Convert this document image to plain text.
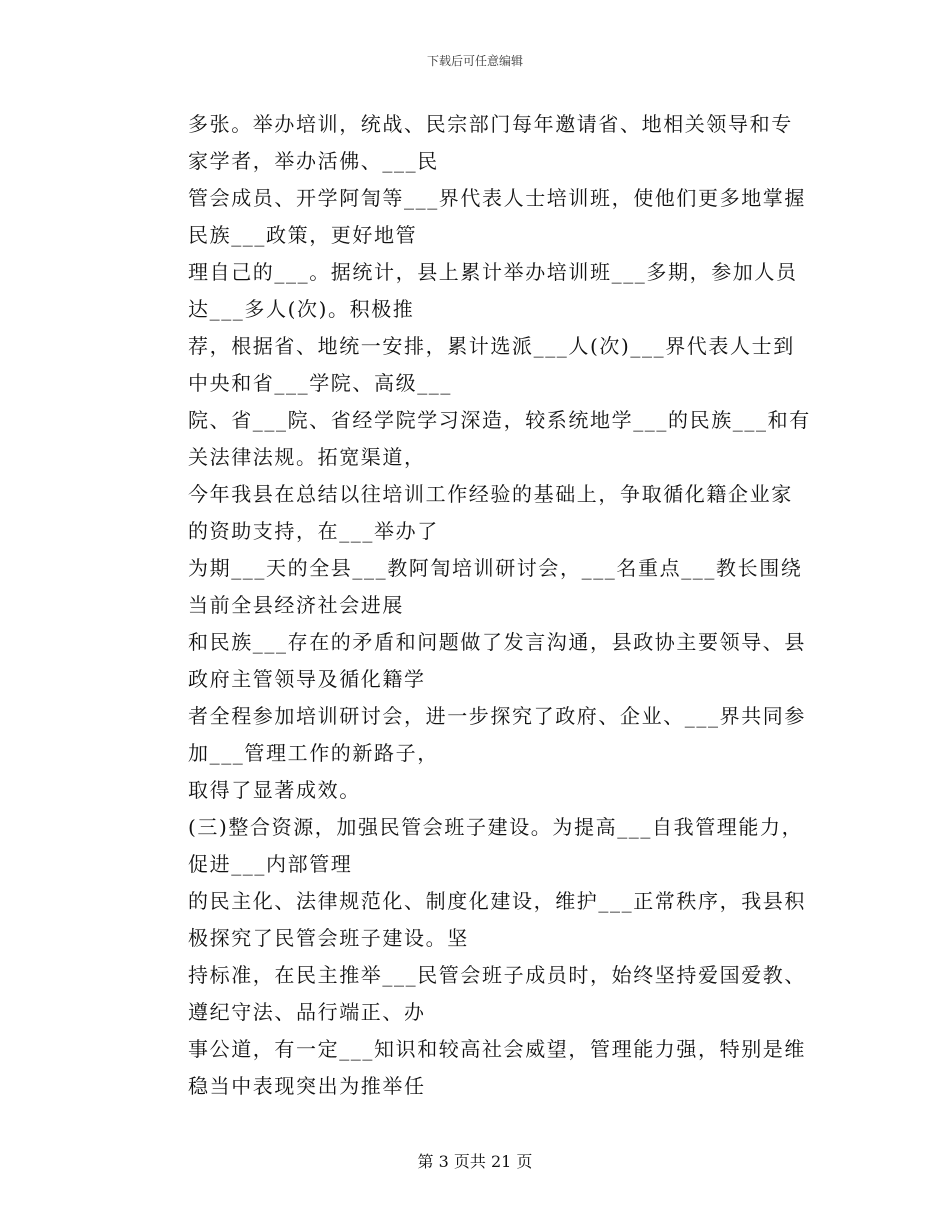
下载后可任意编辑

多张。举办培训，统战、民宗部门每年邀请省、地相关领导和专
家学者，举办活佛、___民

管会成员、开学阿訇等___界代表人士培训班，使他们更多地掌握
民族___政策，更好地管

理自己的___。据统计，县上累计举办培训班___多期，参加人员
达___多人(次)。积极推

荐，根据省、地统一安排，累计选派___人(次)___界代表人士到
中央和省___学院、高级___

院、省___院、省经学院学习深造，较系统地学___的民族___和有
关法律法规。拓宽渠道，

今年我县在总结以往培训工作经验的基础上，争取循化籍企业家
的资助支持，在___举办了

为期___天的全县___教阿訇培训研讨会，___名重点___教长围绕
当前全县经济社会进展

和民族___存在的矛盾和问题做了发言沟通，县政协主要领导、县
政府主管领导及循化籍学

者全程参加培训研讨会，进一步探究了政府、企业、___界共同参
加___管理工作的新路子，

取得了显著成效。

(三)整合资源，加强民管会班子建设。为提高___自我管理能力，
促进___内部管理

的民主化、法律规范化、制度化建设，维护___正常秩序，我县积
极探究了民管会班子建设。坚

持标准，在民主推举___民管会班子成员时，始终坚持爱国爱教、
遵纪守法、品行端正、办

事公道，有一定___知识和较高社会威望，管理能力强，特别是维
稳当中表现突出为推举任

第 3 页共 21 页
